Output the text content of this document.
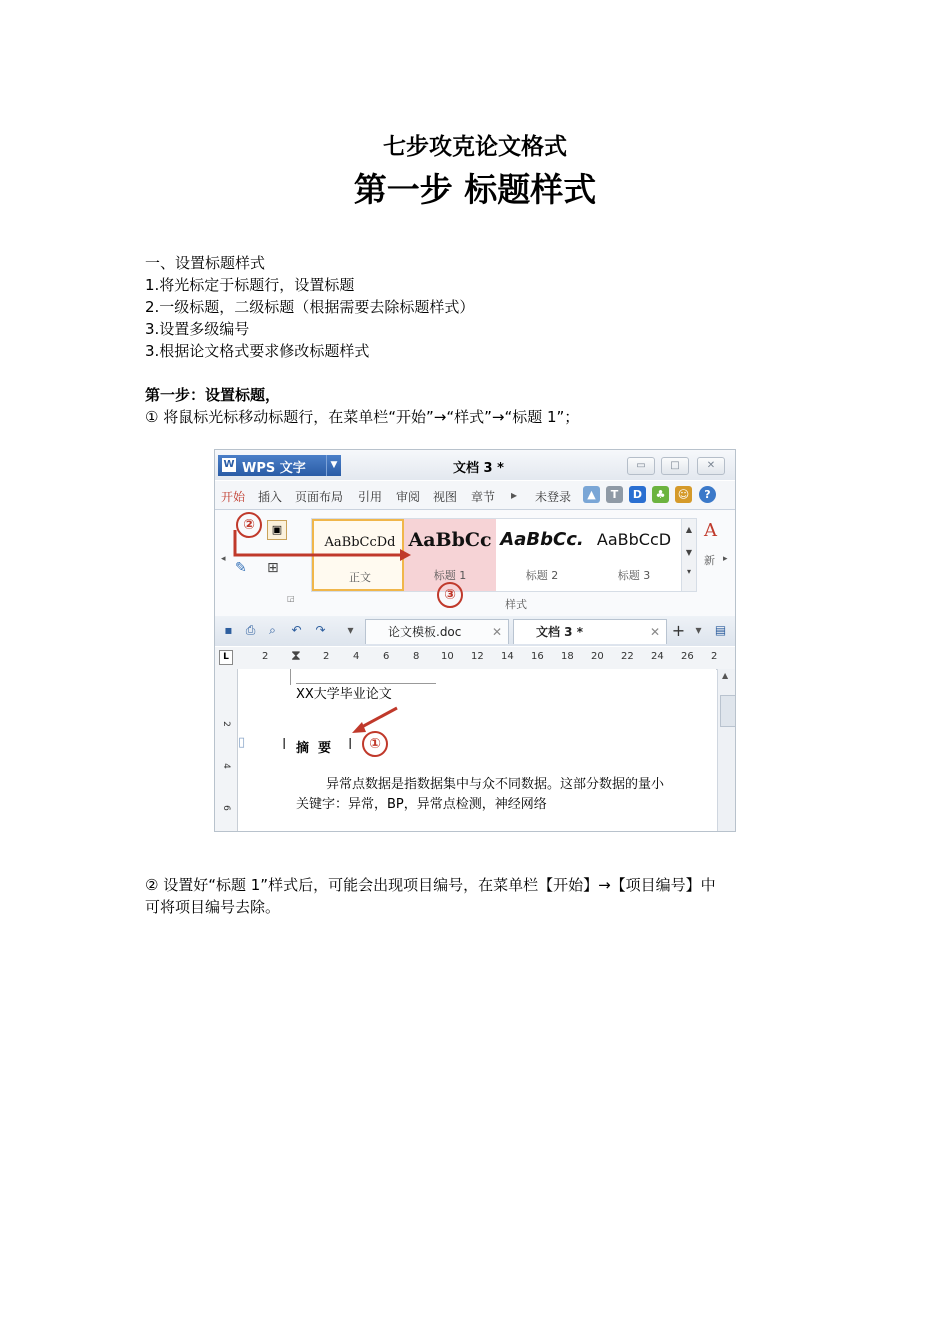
七步攻克论文格式
第一步 标题样式
一、设置标题样式
1.将光标定于标题行，设置标题
2.一级标题，二级标题（根据需要去除标题样式）
3.设置多级编号
3.根据论文格式要求修改标题样式
第一步：设置标题，
① 将鼠标光标移动标题行，在菜单栏“开始”→“样式”→“标题 1”；
W WPS 文字	▼	文档 3 *	▭	□	✕
开始 插入 页面布局 引用 审阅 视图 章节 ▸ 未登录	▲	T	D	♣	☺	?
◂
▣
✎ ⊞
◲
AaBbCcDd
正文
AaBbCc
标题 1
AaBbCc.
标题 2
AaBbCcD
标题 3
▲
▼
▾
A
新 ▸
样式
▪ ⎙	⌕	↶ ↷	▾	论文模板.doc	✕	文档 3 *	✕ + ▾	▤
L	2 ⧗ 2 4 6 8 10 12 14 16 18 20 22 24 26 2
2
4
6
XX大学毕业论文
▯ I 摘  要 I
异常点数据是指数据集中与众不同数据。这部分数据的量小
关键字：异常，BP，异常点检测，神经网络
▲
②
③
①
② 设置好“标题 1”样式后，可能会出现项目编号，在菜单栏【开始】→【项目编号】中
可将项目编号去除。
